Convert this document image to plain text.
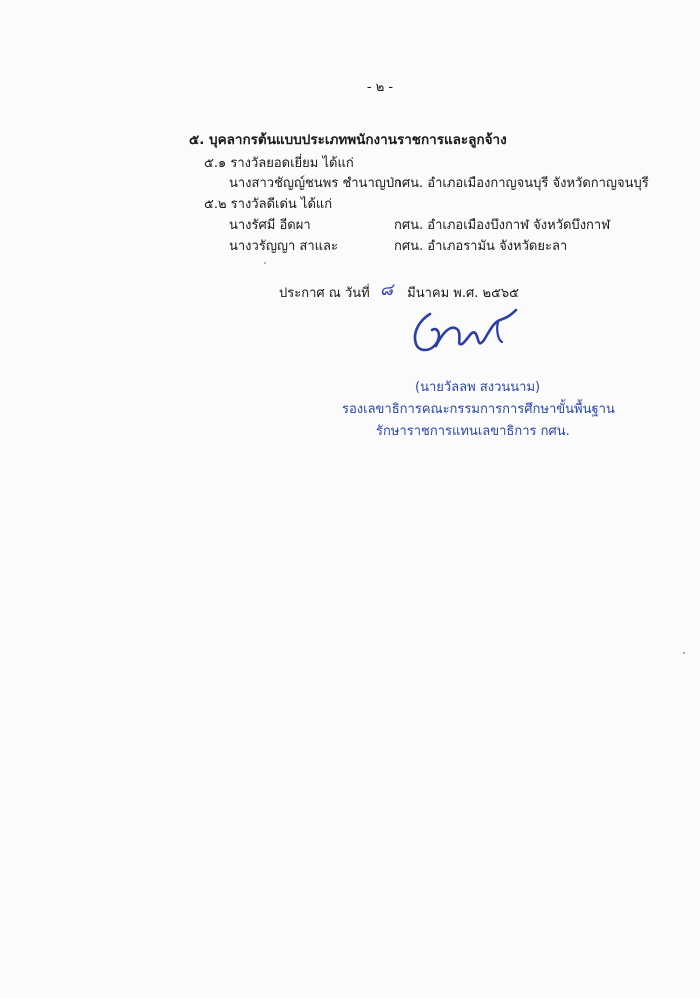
- ๒ -
๕. บุคลากรต้นแบบประเภทพนักงานราชการและลูกจ้าง
๕.๑ รางวัลยอดเยี่ยม ได้แก่
นางสาวชัญญ์ชนพร ชำนาญป่า
กศน. อำเภอเมืองกาญจนบุรี จังหวัดกาญจนบุรี
๕.๒ รางวัลดีเด่น ได้แก่
นางรัศมี อีดผา	กศน. อำเภอเมืองบึงกาฬ จังหวัดบึงกาฬ
นางวรัญญา สาและ	กศน. อำเภอรามัน จังหวัดยะลา
ประกาศ ณ วันที่ ๘ มีนาคม พ.ศ. ๒๕๖๕
(นายวัลลพ สงวนนาม)
รองเลขาธิการคณะกรรมการการศึกษาขั้นพื้นฐาน
รักษาราชการแทนเลขาธิการ กศน.
